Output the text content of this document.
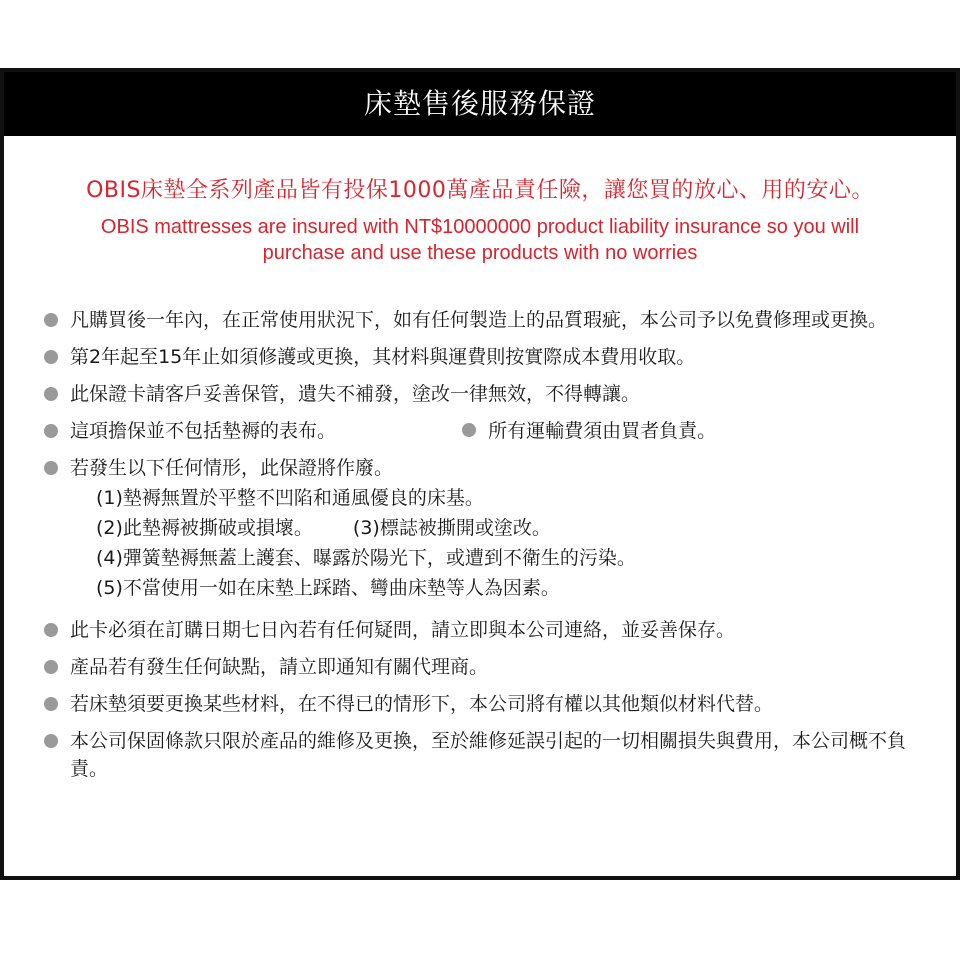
床墊售後服務保證
OBIS床墊全系列產品皆有投保1000萬產品責任險，讓您買的放心、用的安心。
OBIS mattresses are insured with NT$10000000 product liability insurance so you will purchase and use these products with no worries
凡購買後一年內，在正常使用狀況下，如有任何製造上的品質瑕疵，本公司予以免費修理或更換。
第2年起至15年止如須修護或更換，其材料與運費則按實際成本費用收取。
此保證卡請客戶妥善保管，遺失不補發，塗改一律無效，不得轉讓。
這項擔保並不包括墊褥的表布。	所有運輸費須由買者負責。
若發生以下任何情形，此保證將作廢。
(1)墊褥無置於平整不凹陷和通風優良的床基。
(2)此墊褥被撕破或損壞。 (3)標誌被撕開或塗改。
(4)彈簧墊褥無蓋上護套、曝露於陽光下，或遭到不衛生的污染。
(5)不當使用一如在床墊上踩踏、彎曲床墊等人為因素。
此卡必須在訂購日期七日內若有任何疑問，請立即與本公司連絡，並妥善保存。
產品若有發生任何缺點，請立即通知有關代理商。
若床墊須要更換某些材料，在不得已的情形下，本公司將有權以其他類似材料代替。
本公司保固條款只限於產品的維修及更換，至於維修延誤引起的一切相關損失與費用，本公司概不負責。
